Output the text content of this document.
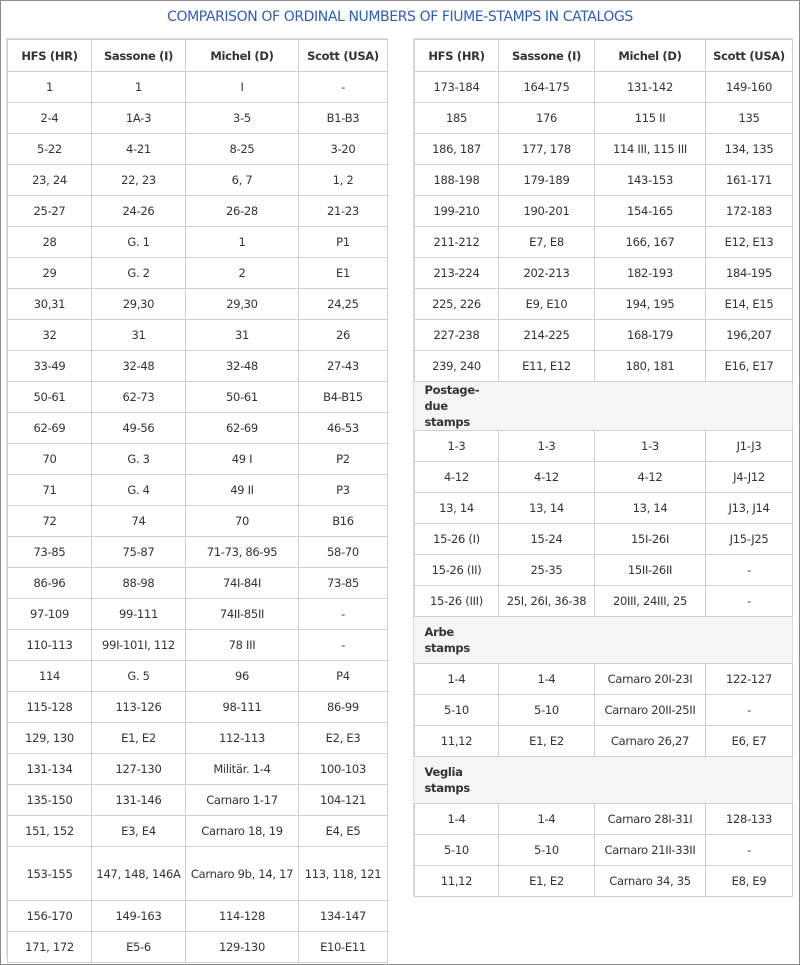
COMPARISON OF ORDINAL NUMBERS OF FIUME-STAMPS IN CATALOGS
HFS (HR)	Sassone (I)	Michel (D)	Scott (USA)
1	1	I	-
2-4	1A-3	3-5	B1-B3
5-22	4-21	8-25	3-20
23, 24	22, 23	6, 7	1, 2
25-27	24-26	26-28	21-23
28	G. 1	1	P1
29	G. 2	2	E1
30,31	29,30	29,30	24,25
32	31	31	26
33-49	32-48	32-48	27-43
50-61	62-73	50-61	B4-B15
62-69	49-56	62-69	46-53
70	G. 3	49 I	P2
71	G. 4	49 II	P3
72	74	70	B16
73-85	75-87	71-73, 86-95	58-70
86-96	88-98	74I-84I	73-85
97-109	99-111	74II-85II	-
110-113	99I-101I, 112	78 III	-
114	G. 5	96	P4
115-128	113-126	98-111	86-99
129, 130	E1, E2	112-113	E2, E3
131-134	127-130	Militär. 1-4	100-103
135-150	131-146	Carnaro 1-17	104-121
151, 152	E3, E4	Carnaro 18, 19	E4, E5
153-155	147, 148, 146A	Carnaro 9b, 14, 17	113, 118, 121
156-170	149-163	114-128	134-147
171, 172	E5-6	129-130	E10-E11
HFS (HR)	Sassone (I)	Michel (D)	Scott (USA)
173-184	164-175	131-142	149-160
185	176	115 II	135
186, 187	177, 178	114 III, 115 III	134, 135
188-198	179-189	143-153	161-171
199-210	190-201	154-165	172-183
211-212	E7, E8	166, 167	E12, E13
213-224	202-213	182-193	184-195
225, 226	E9, E10	194, 195	E14, E15
227-238	214-225	168-179	196,207
239, 240	E11, E12	180, 181	E16, E17
Postage-due stamps			
1-3	1-3	1-3	J1-J3
4-12	4-12	4-12	J4-J12
13, 14	13, 14	13, 14	J13, J14
15-26 (I)	15-24	15I-26I	J15-J25
15-26 (II)	25-35	15II-26II	-
15-26 (III)	25I, 26I, 36-38	20III, 24III, 25	-
Arbe stamps			
1-4	1-4	Carnaro 20I-23I	122-127
5-10	5-10	Carnaro 20II-25II	-
11,12	E1, E2	Carnaro 26,27	E6, E7
Veglia stamps			
1-4	1-4	Carnaro 28I-31I	128-133
5-10	5-10	Carnaro 21II-33II	-
11,12	E1, E2	Carnaro 34, 35	E8, E9
